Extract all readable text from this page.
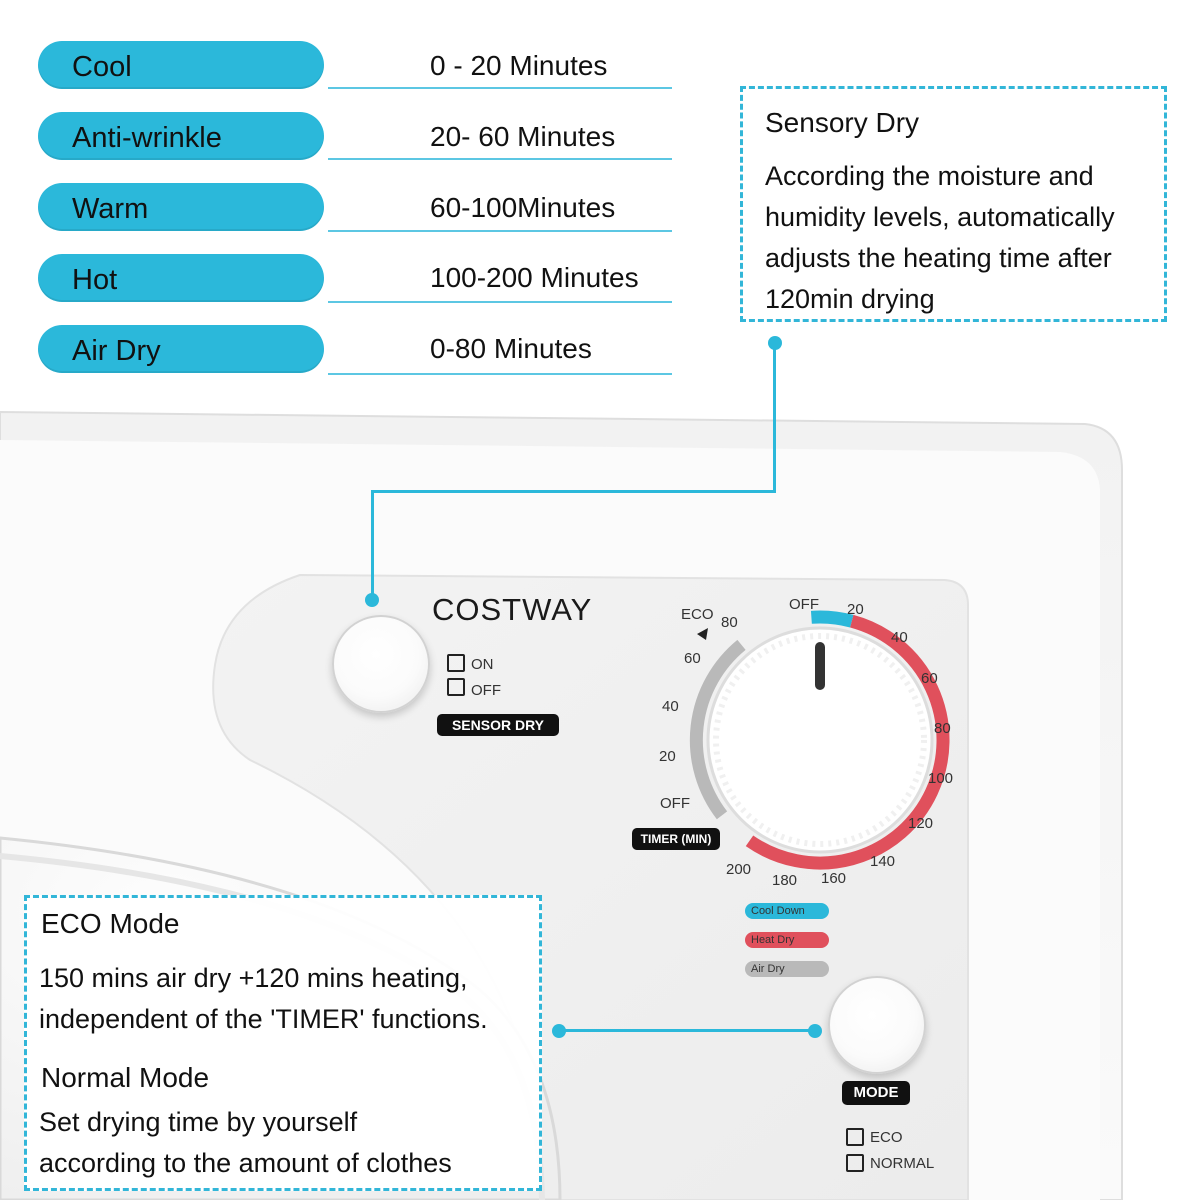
Cool	0 - 20 Minutes
Anti-wrinkle	20- 60 Minutes
Warm	60-100Minutes
Hot	100-200 Minutes
Air Dry	0-80 Minutes
COSTWAY
ON
OFF
SENSOR DRY
ECO 80
60
40
20
OFF
OFF 20
40
60
80
100
120
140
160
180
200
TIMER (MIN)
Cool Down
Heat Dry
Air Dry
MODE
ECO
NORMAL
Sensory Dry
According the moisture and
humidity levels, automatically
adjusts the heating time after
120min drying
ECO Mode
150 mins air dry +120 mins heating,
independent of the 'TIMER' functions.
Normal Mode
Set drying time by yourself
according to the amount of clothes
